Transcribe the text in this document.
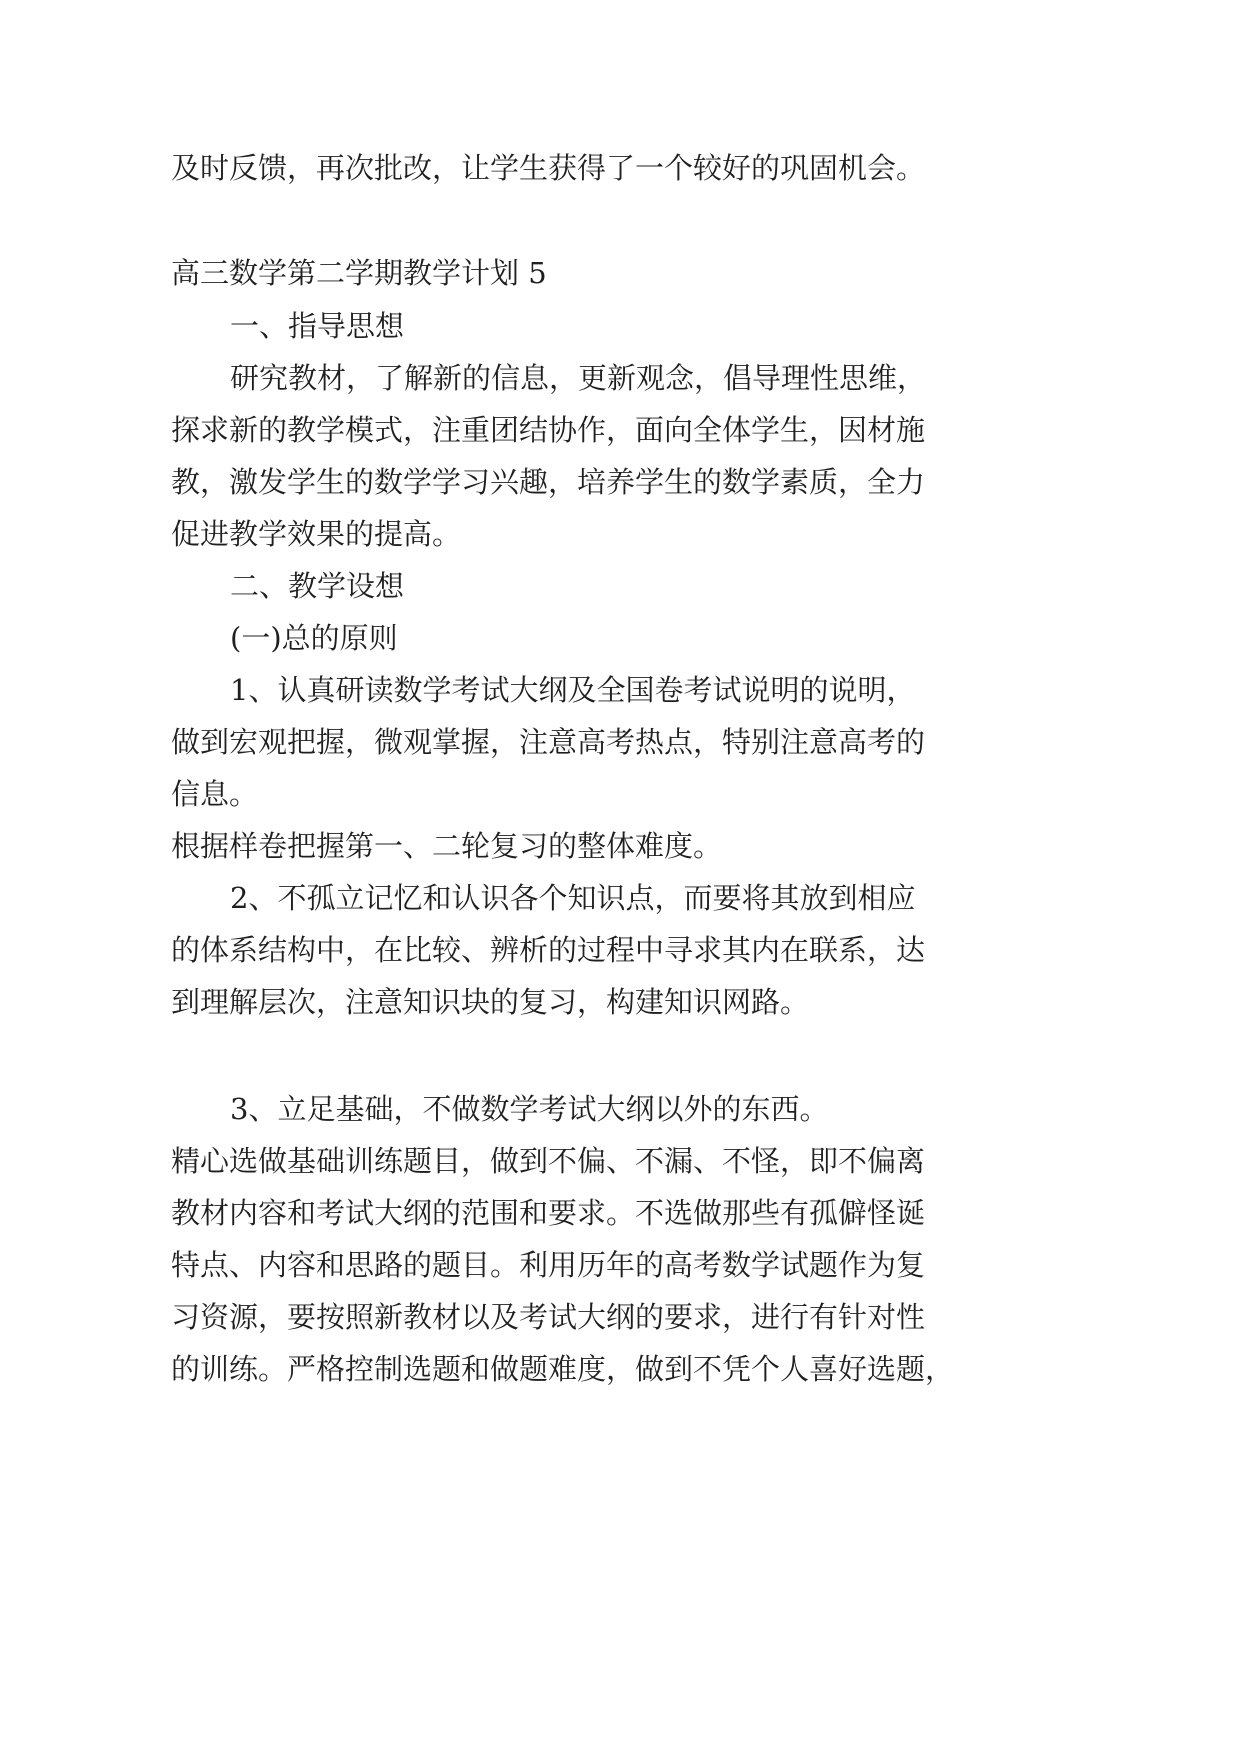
及时反馈，再次批改，让学生获得了一个较好的巩固机会。

高三数学第二学期教学计划 5

一、指导思想

研究教材，了解新的信息，更新观念，倡导理性思维，

探求新的教学模式，注重团结协作，面向全体学生，因材施

教，激发学生的数学学习兴趣，培养学生的数学素质，全力

促进教学效果的提高。

二、教学设想

(一)总的原则

1、认真研读数学考试大纲及全国卷考试说明的说明，

做到宏观把握，微观掌握，注意高考热点，特别注意高考的

信息。

根据样卷把握第一、二轮复习的整体难度。

2、不孤立记忆和认识各个知识点，而要将其放到相应

的体系结构中，在比较、辨析的过程中寻求其内在联系，达

到理解层次，注意知识块的复习，构建知识网路。

3、立足基础，不做数学考试大纲以外的东西。

精心选做基础训练题目，做到不偏、不漏、不怪，即不偏离

教材内容和考试大纲的范围和要求。不选做那些有孤僻怪诞

特点、内容和思路的题目。利用历年的高考数学试题作为复

习资源，要按照新教材以及考试大纲的要求，进行有针对性

的训练。严格控制选题和做题难度，做到不凭个人喜好选题，
